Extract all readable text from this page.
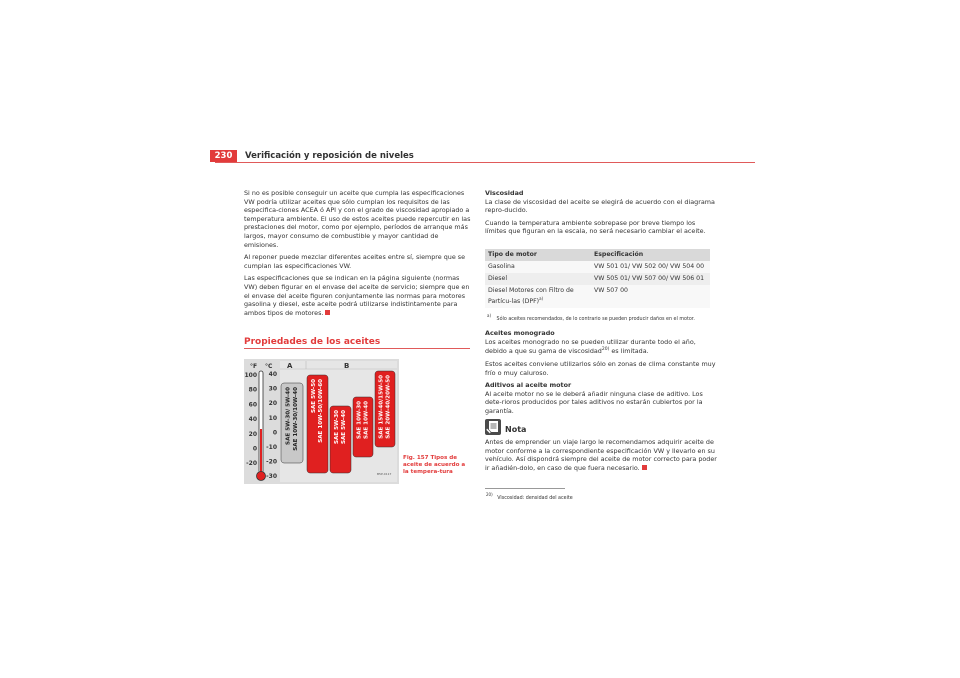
230	Verificación y reposición de niveles

Si no es posible conseguir un aceite que cumpla las especificaciones VW podría utilizar aceites que sólo cumplan los requisitos de las especifica-ciones ACEA ó API y con el grado de viscosidad apropiado a temperatura ambiente. El uso de estos aceites puede repercutir en las prestaciones del motor, como por ejemplo, períodos de arranque más largos, mayor consumo de combustible y mayor cantidad de emisiones.

Al reponer puede mezclar diferentes aceites entre sí, siempre que se cumplan las especificaciones VW.

Las especificaciones que se indican en la página siguiente (normas VW) deben figurar en el envase del aceite de servicio; siempre que en el envase del aceite figuren conjuntamente las normas para motores gasolina y diesel, este aceite podrá utilizarse indistintamente para ambos tipos de motores.

Propiedades de los aceites
A	B
°F °C
100
80
60
40
20
0
-20
40
30
20
10
0
-10
-20
-30
SAE 5W-30/ 5W-40 SAE 10W-30/10W-40 SAE 5W-50 SAE 10W-50/10W-60 SAE 5W-30 SAE 5W-40 SAE 10W-30 SAE 10W-40 SAE 15W-40/15W-50 SAE 20W-40/20W-50
B5P-0117
Fig. 157 Tipos de aceite de acuerdo a la tempera-tura
Viscosidad

La clase de viscosidad del aceite se elegirá de acuerdo con el diagrama repro-ducido.

Cuando la temperatura ambiente sobrepase por breve tiempo los límites que figuran en la escala, no será necesario cambiar el aceite.

Tipo de motor	Especificación
Gasolina	VW 501 01/ VW 502 00/ VW 504 00
Diesel	VW 505 01/ VW 507 00/ VW 506 01
Diesel Motores con Filtro de Partícu-las (DPF)$^{a)}$	VW 507 00
$^{a)}$ Sólo aceites recomendados, de lo contrario se pueden producir daños en el motor.
Aceites monogrado

Los aceites monogrado no se pueden utilizar durante todo el año, debido a que su gama de viscosidad$^{20)}$ es limitada.

Estos aceites conviene utilizarlos sólo en zonas de clima constante muy frío o muy caluroso.

Aditivos al aceite motor

Al aceite motor no se le deberá añadir ninguna clase de aditivo. Los dete-rioros producidos por tales aditivos no estarán cubiertos por la garantía.

Nota
Antes de emprender un viaje largo le recomendamos adquirir aceite de motor conforme a la correspondiente especificación VW y llevarlo en su vehículo. Así dispondrá siempre del aceite de motor correcto para poder ir añadién-dolo, en caso de que fuera necesario.
$^{20)}$ Viscosidad: densidad del aceite
